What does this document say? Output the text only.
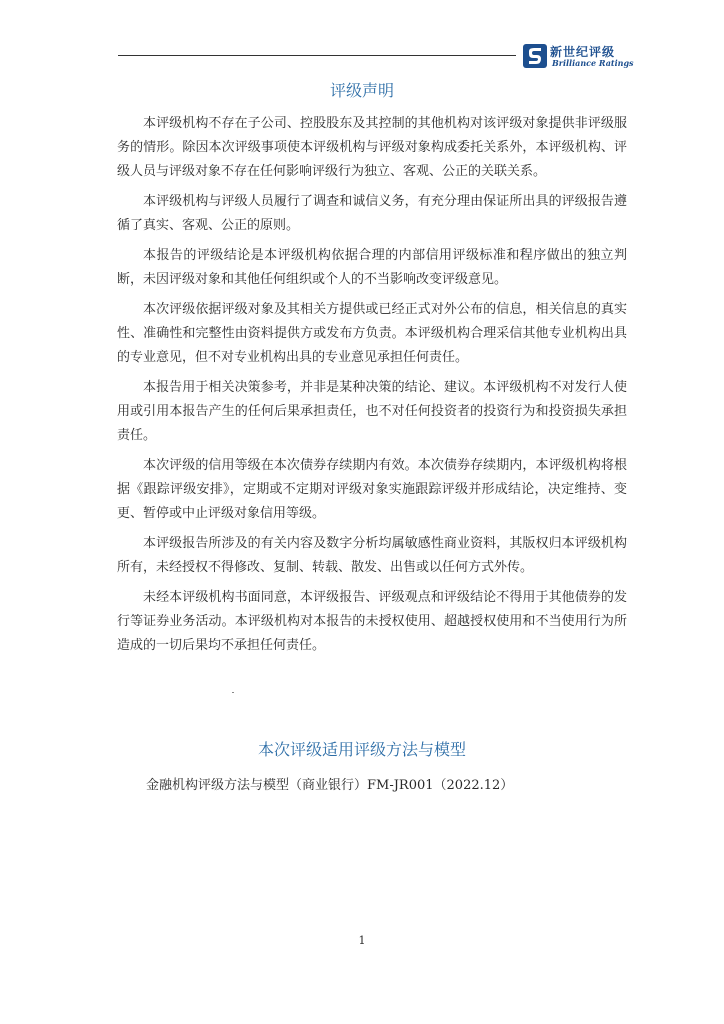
新世纪评级
Brilliance Ratings
评级声明

本评级机构不存在子公司、控股股东及其控制的其他机构对该评级对象提供非评级服务的情形。除因本次评级事项使本评级机构与评级对象构成委托关系外，本评级机构、评级人员与评级对象不存在任何影响评级行为独立、客观、公正的关联关系。

本评级机构与评级人员履行了调查和诚信义务，有充分理由保证所出具的评级报告遵循了真实、客观、公正的原则。

本报告的评级结论是本评级机构依据合理的内部信用评级标准和程序做出的独立判断，未因评级对象和其他任何组织或个人的不当影响改变评级意见。

本次评级依据评级对象及其相关方提供或已经正式对外公布的信息，相关信息的真实性、准确性和完整性由资料提供方或发布方负责。本评级机构合理采信其他专业机构出具的专业意见，但不对专业机构出具的专业意见承担任何责任。

本报告用于相关决策参考，并非是某种决策的结论、建议。本评级机构不对发行人使用或引用本报告产生的任何后果承担责任，也不对任何投资者的投资行为和投资损失承担责任。

本次评级的信用等级在本次债券存续期内有效。本次债券存续期内，本评级机构将根据《跟踪评级安排》，定期或不定期对评级对象实施跟踪评级并形成结论，决定维持、变更、暂停或中止评级对象信用等级。

本评级报告所涉及的有关内容及数字分析均属敏感性商业资料，其版权归本评级机构所有，未经授权不得修改、复制、转载、散发、出售或以任何方式外传。

未经本评级机构书面同意，本评级报告、评级观点和评级结论不得用于其他债券的发行等证券业务活动。本评级机构对本报告的未授权使用、超越授权使用和不当使用行为所造成的一切后果均不承担任何责任。

本次评级适用评级方法与模型
金融机构评级方法与模型（商业银行）FM-JR001（2022.12）
1
